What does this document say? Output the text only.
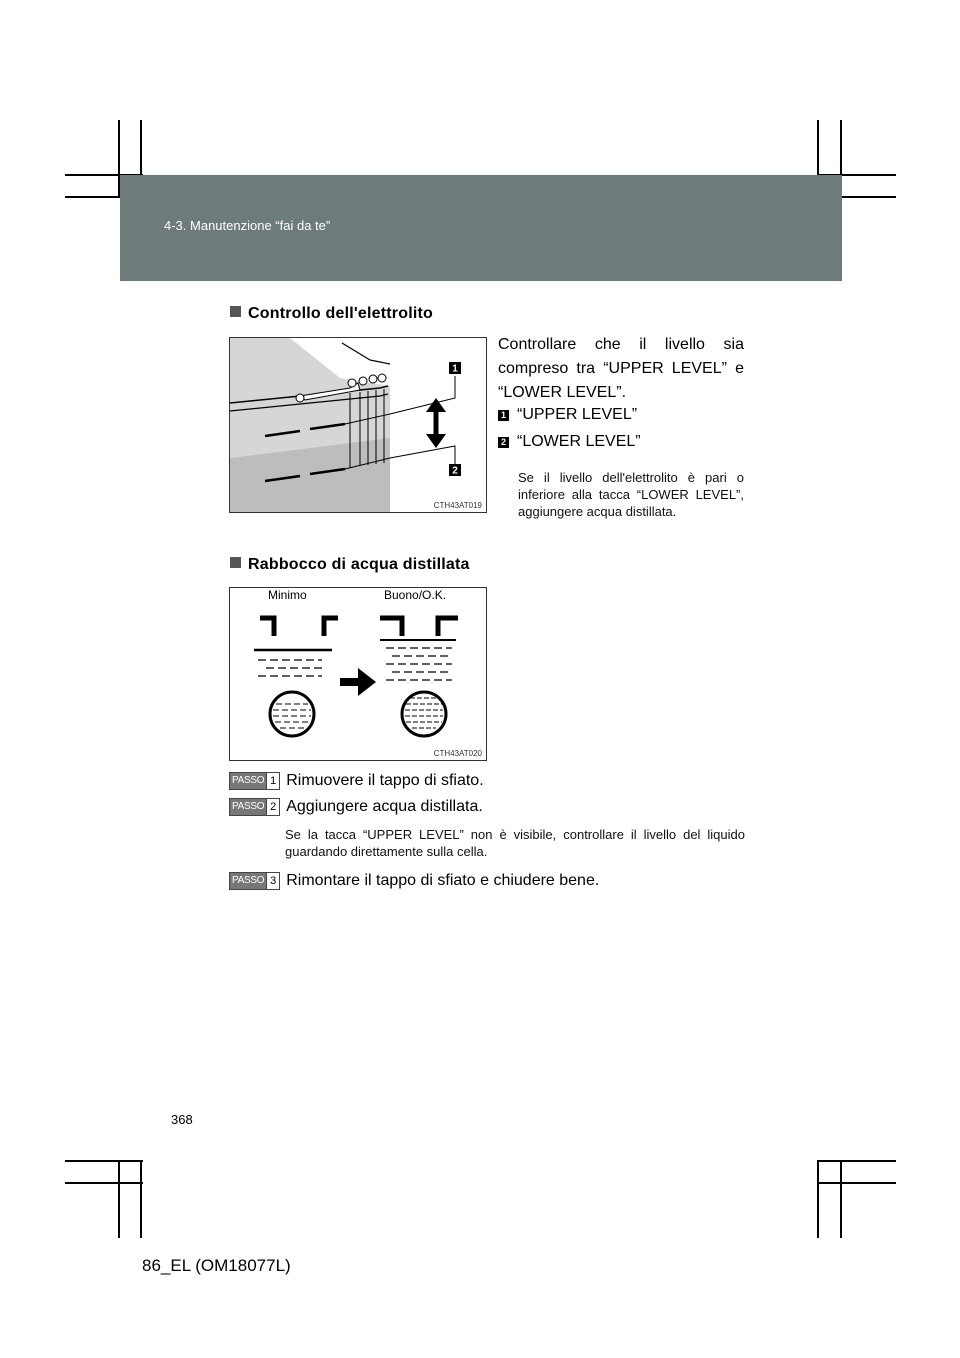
4-3. Manutenzione “fai da te”
Controllo dell'elettrolito
1
2
CTH43AT019
Controllare che il livello sia compreso tra “UPPER LEVEL” e “LOWER LEVEL”.
1 “UPPER LEVEL”
2 “LOWER LEVEL”
Se il livello dell'elettrolito è pari o inferiore alla tacca “LOWER LEVEL”, aggiungere acqua distillata.
Rabbocco di acqua distillata
Minimo	Buono/O.K.
CTH43AT020
PASSO 1 Rimuovere il tappo di sfiato.
PASSO 2 Aggiungere acqua distillata.
Se la tacca “UPPER LEVEL” non è visibile, controllare il livello del liquido guardando direttamente sulla cella.
PASSO 3 Rimontare il tappo di sfiato e chiudere bene.
368
86_EL (OM18077L)
